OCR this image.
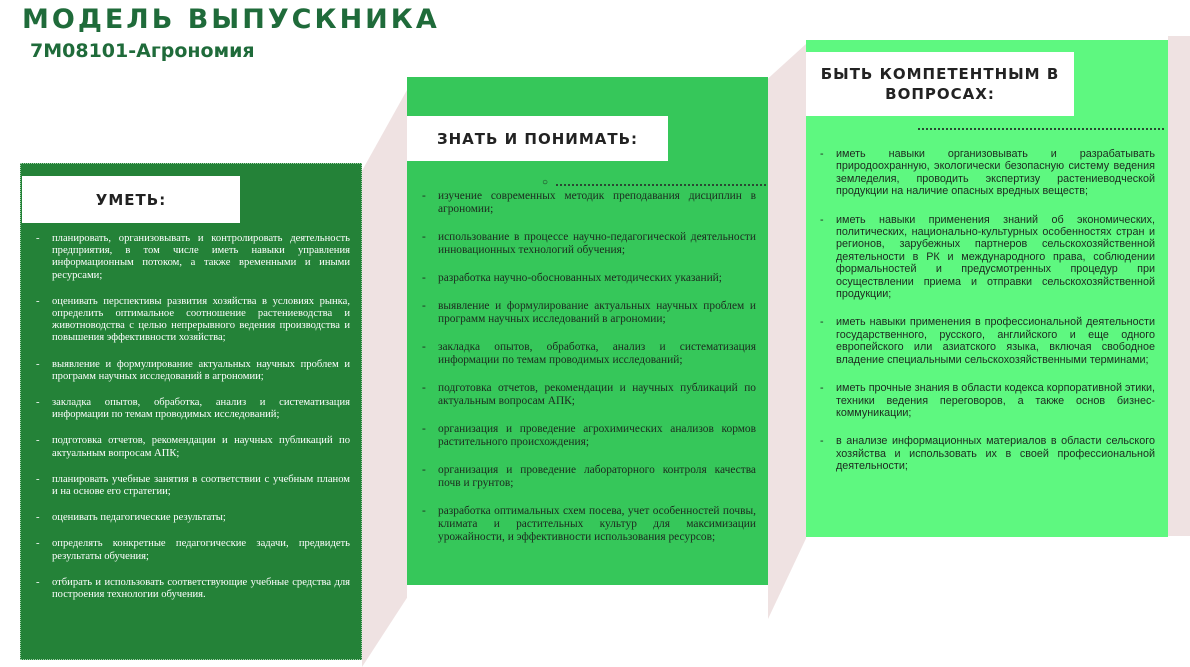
МОДЕЛЬ ВЫПУСКНИКА
7M08101-Агрономия
УМЕТЬ:
- планировать, организовывать и контролировать деятельность предприятия, в том числе иметь навыки управления информационным потоком, а также временными и иными ресурсами;
- оценивать перспективы развития хозяйства в условиях рынка, определить оптимальное соотношение растениеводства и животноводства с целью непрерывного ведения производства и повышения эффективности хозяйства;
- выявление и формулирование актуальных научных проблем и программ научных исследований в агрономии;
- закладка опытов, обработка, анализ и систематизация информации по темам проводимых исследований;
- подготовка отчетов, рекомендации и научных публикаций по актуальным вопросам АПК;
- планировать учебные занятия в соответствии с учебным планом и на основе его стратегии;
- оценивать педагогические результаты;
- определять конкретные педагогические задачи, предвидеть результаты обучения;
- отбирать и использовать соответствующие учебные средства для построения технологии обучения.
ЗНАТЬ И ПОНИМАТЬ:
○
- изучение современных методик преподавания дисциплин в агрономии;
- использование в процессе научно-педагогической деятельности инновационных технологий обучения;
- разработка научно-обоснованных методических указаний;
- выявление и формулирование актуальных научных проблем и программ научных исследований в агрономии;
- закладка опытов, обработка, анализ и систематизация информации по темам проводимых исследований;
- подготовка отчетов, рекомендации и научных публикаций по актуальным вопросам АПК;
- организация и проведение агрохимических анализов кормов растительного происхождения;
- организация и проведение лабораторного контроля качества почв и грунтов;
- разработка оптимальных схем посева, учет особенностей почвы, климата и растительных культур для максимизации урожайности, и эффективности использования ресурсов;
БЫТЬ КОМПЕТЕНТНЫМ В ВОПРОСАХ:
- иметь навыки организовывать и разрабатывать природоохранную, экологически безопасную систему ведения земледелия, проводить экспертизу растениеводческой продукции на наличие опасных вредных веществ;
- иметь навыки применения знаний об экономических, политических, национально-культурных особенностях стран и регионов, зарубежных партнеров сельскохозяйственной деятельности в РК и международного права, соблюдении формальностей и предусмотренных процедур при осуществлении приема и отправки сельскохозяйственной продукции;
- иметь навыки применения в профессиональной деятельности государственного, русского, английского и еще одного европейского или азиатского языка, включая свободное владение специальными сельскохозяйственными терминами;
- иметь прочные знания в области кодекса корпоративной этики, техники ведения переговоров, а также основ бизнес-коммуникации;
- в анализе информационных материалов в области сельского хозяйства и использовать их в своей профессиональной деятельности;
